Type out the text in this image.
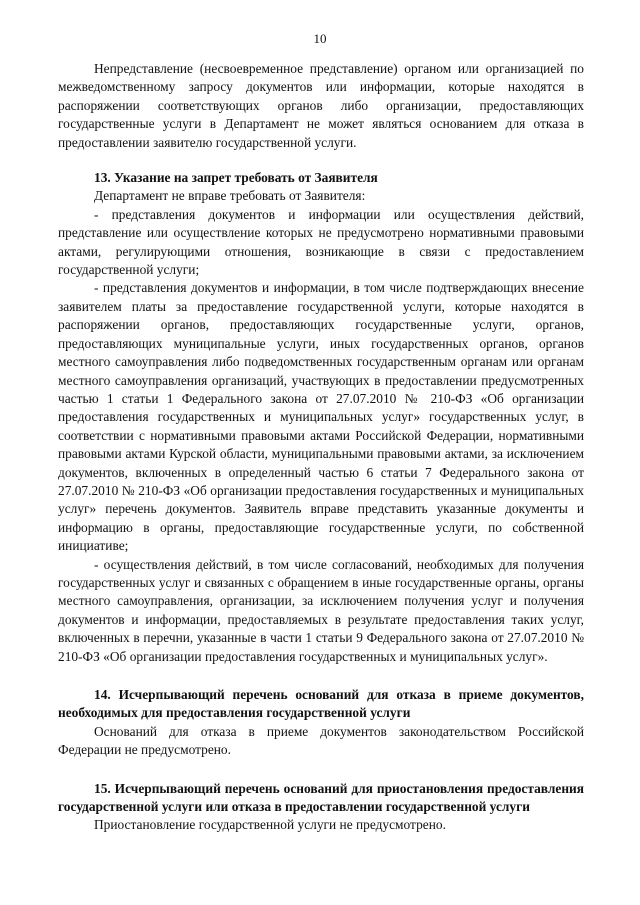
10

Непредставление (несвоевременное представление) органом или организацией по межведомственному запросу документов или информации, которые находятся в распоряжении соответствующих органов либо организации, предоставляющих государственные услуги в Департамент не может являться основанием для отказа в предоставлении заявителю государственной услуги.

13. Указание на запрет требовать от Заявителя

Департамент не вправе требовать от Заявителя:

- представления документов и информации или осуществления действий, представление или осуществление которых не предусмотрено нормативными правовыми актами, регулирующими отношения, возникающие в связи с предоставлением государственной услуги;

- представления документов и информации, в том числе подтверждающих внесение заявителем платы за предоставление государственной услуги, которые находятся в распоряжении органов, предоставляющих государственные услуги, органов, предоставляющих муниципальные услуги, иных государственных органов, органов местного самоуправления либо подведомственных государственным органам или органам местного самоуправления организаций, участвующих в предоставлении предусмотренных частью 1 статьи 1 Федерального закона от 27.07.2010 № 210-ФЗ «Об организации предоставления государственных и муниципальных услуг» государственных услуг, в соответствии с нормативными правовыми актами Российской Федерации, нормативными правовыми актами Курской области, муниципальными правовыми актами, за исключением документов, включенных в определенный частью 6 статьи 7 Федерального закона от 27.07.2010 № 210-ФЗ «Об организации предоставления государственных и муниципальных услуг» перечень документов. Заявитель вправе представить указанные документы и информацию в органы, предоставляющие государственные услуги, по собственной инициативе;

- осуществления действий, в том числе согласований, необходимых для получения государственных услуг и связанных с обращением в иные государственные органы, органы местного самоуправления, организации, за исключением получения услуг и получения документов и информации, предоставляемых в результате предоставления таких услуг, включенных в перечни, указанные в части 1 статьи 9 Федерального закона от 27.07.2010 № 210-ФЗ «Об организации предоставления государственных и муниципальных услуг».

14. Исчерпывающий перечень оснований для отказа в приеме документов, необходимых для предоставления государственной услуги

Оснований для отказа в приеме документов законодательством Российской Федерации не предусмотрено.

15. Исчерпывающий перечень оснований для приостановления предоставления государственной услуги или отказа в предоставлении государственной услуги

Приостановление государственной услуги не предусмотрено.
